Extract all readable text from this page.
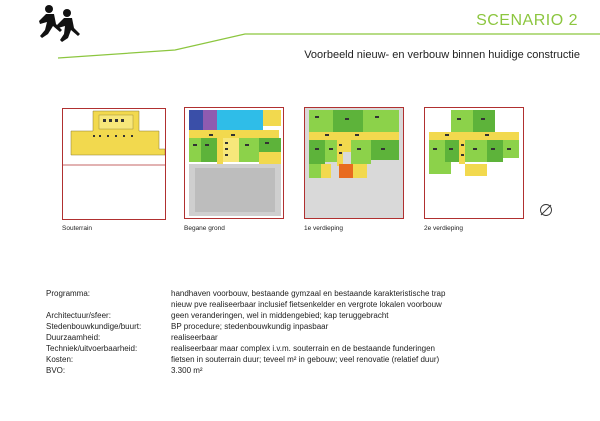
SCENARIO 2
Voorbeeld nieuw- en verbouw binnen huidige constructie
Souterrain	Begane grond	1e verdieping	2e verdieping
Programma:	handhaven voorbouw, bestaande gymzaal en bestaande karakteristische trap
	nieuw pve realiseerbaar inclusief fietsenkelder en vergrote lokalen voorbouw
Architectuur/sfeer:	geen veranderingen, wel in middengebied; kap teruggebracht
Stedenbouwkundige/buurt:	BP procedure; stedenbouwkundig inpasbaar
Duurzaamheid:	realiseerbaar
Techniek/uitvoerbaarheid:	realiseerbaar maar complex i.v.m. souterrain en de bestaande funderingen
Kosten:	fietsen in souterrain duur; teveel m² in gebouw; veel renovatie (relatief duur)
BVO:	3.300 m²
